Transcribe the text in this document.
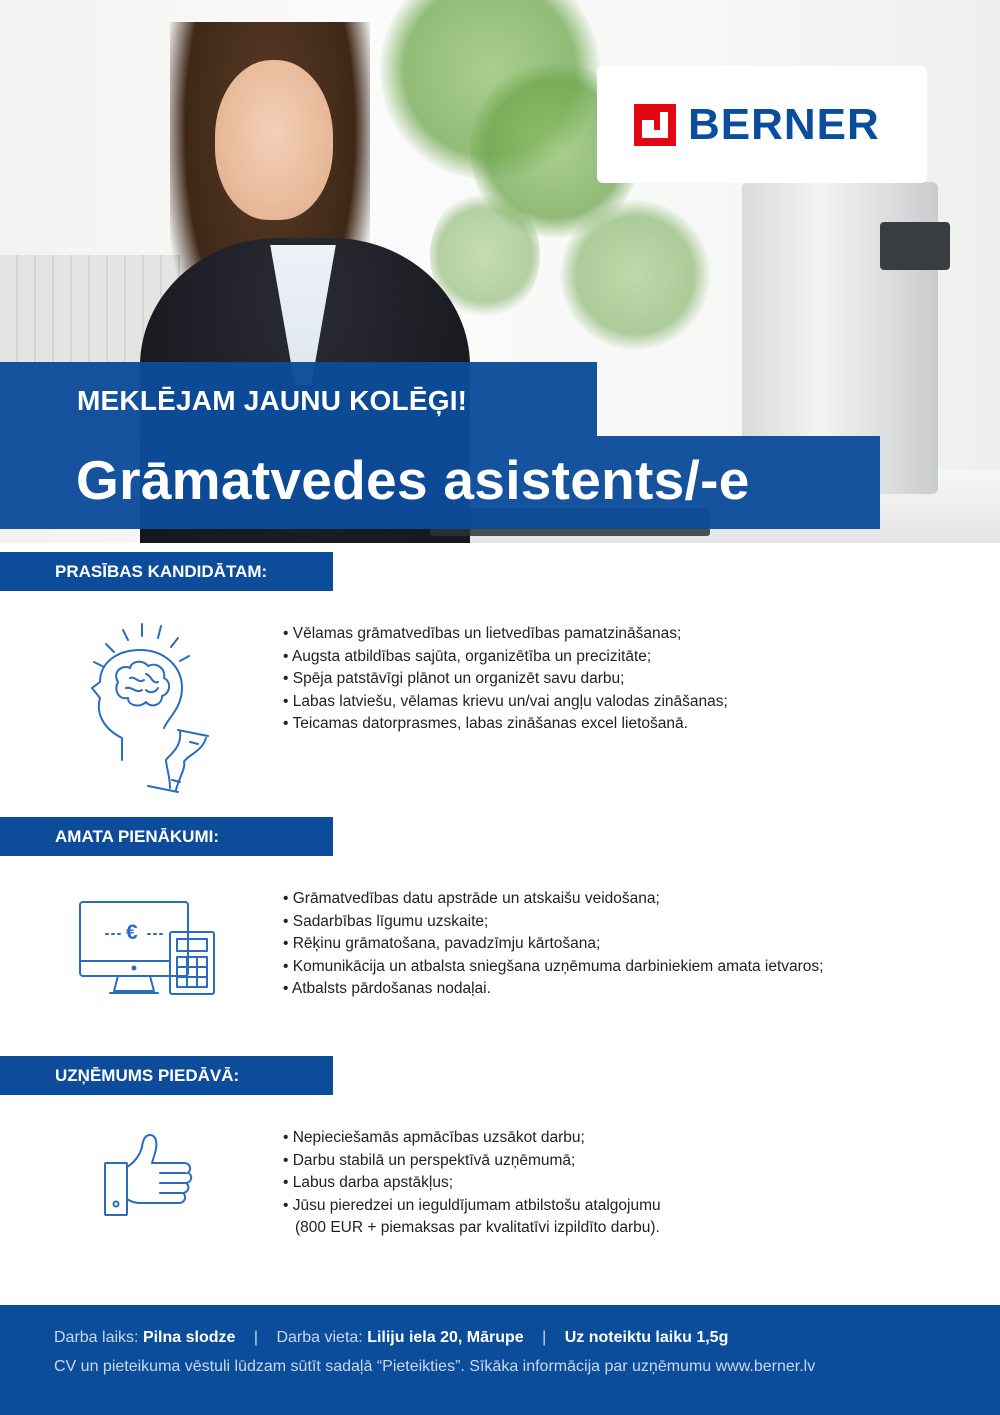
BERNER
MEKLĒJAM JAUNU KOLĒĢI!
Grāmatvedes asistents/-e
PRASĪBAS KANDIDĀTAM:
• Vēlamas grāmatvedības un lietvedības pamatzināšanas;
• Augsta atbildības sajūta, organizētība un precizitāte;
• Spēja patstāvīgi plānot un organizēt savu darbu;
• Labas latviešu, vēlamas krievu un/vai angļu valodas zināšanas;
• Teicamas datorprasmes, labas zināšanas excel lietošanā.
AMATA PIENĀKUMI:
€
• Grāmatvedības datu apstrāde un atskaišu veidošana;
• Sadarbības līgumu uzskaite;
• Rēķinu grāmatošana, pavadzīmju kārtošana;
• Komunikācija un atbalsta sniegšana uzņēmuma darbiniekiem amata ietvaros;
• Atbalsts pārdošanas nodaļai.
UZŅĒMUMS PIEDĀVĀ:
• Nepieciešamās apmācības uzsākot darbu;
• Darbu stabilā un perspektīvā uzņēmumā;
• Labus darba apstākļus;
• Jūsu pieredzei un ieguldījumam atbilstošu atalgojumu
(800 EUR + piemaksas par kvalitatīvi izpildīto darbu).
Darba laiks: Pilna slodze | Darba vieta: Liliju iela 20, Mārupe | Uz noteiktu laiku 1,5g
CV un pieteikuma vēstuli lūdzam sūtīt sadaļā “Pieteikties”. Sīkāka informācija par uzņēmumu www.berner.lv
